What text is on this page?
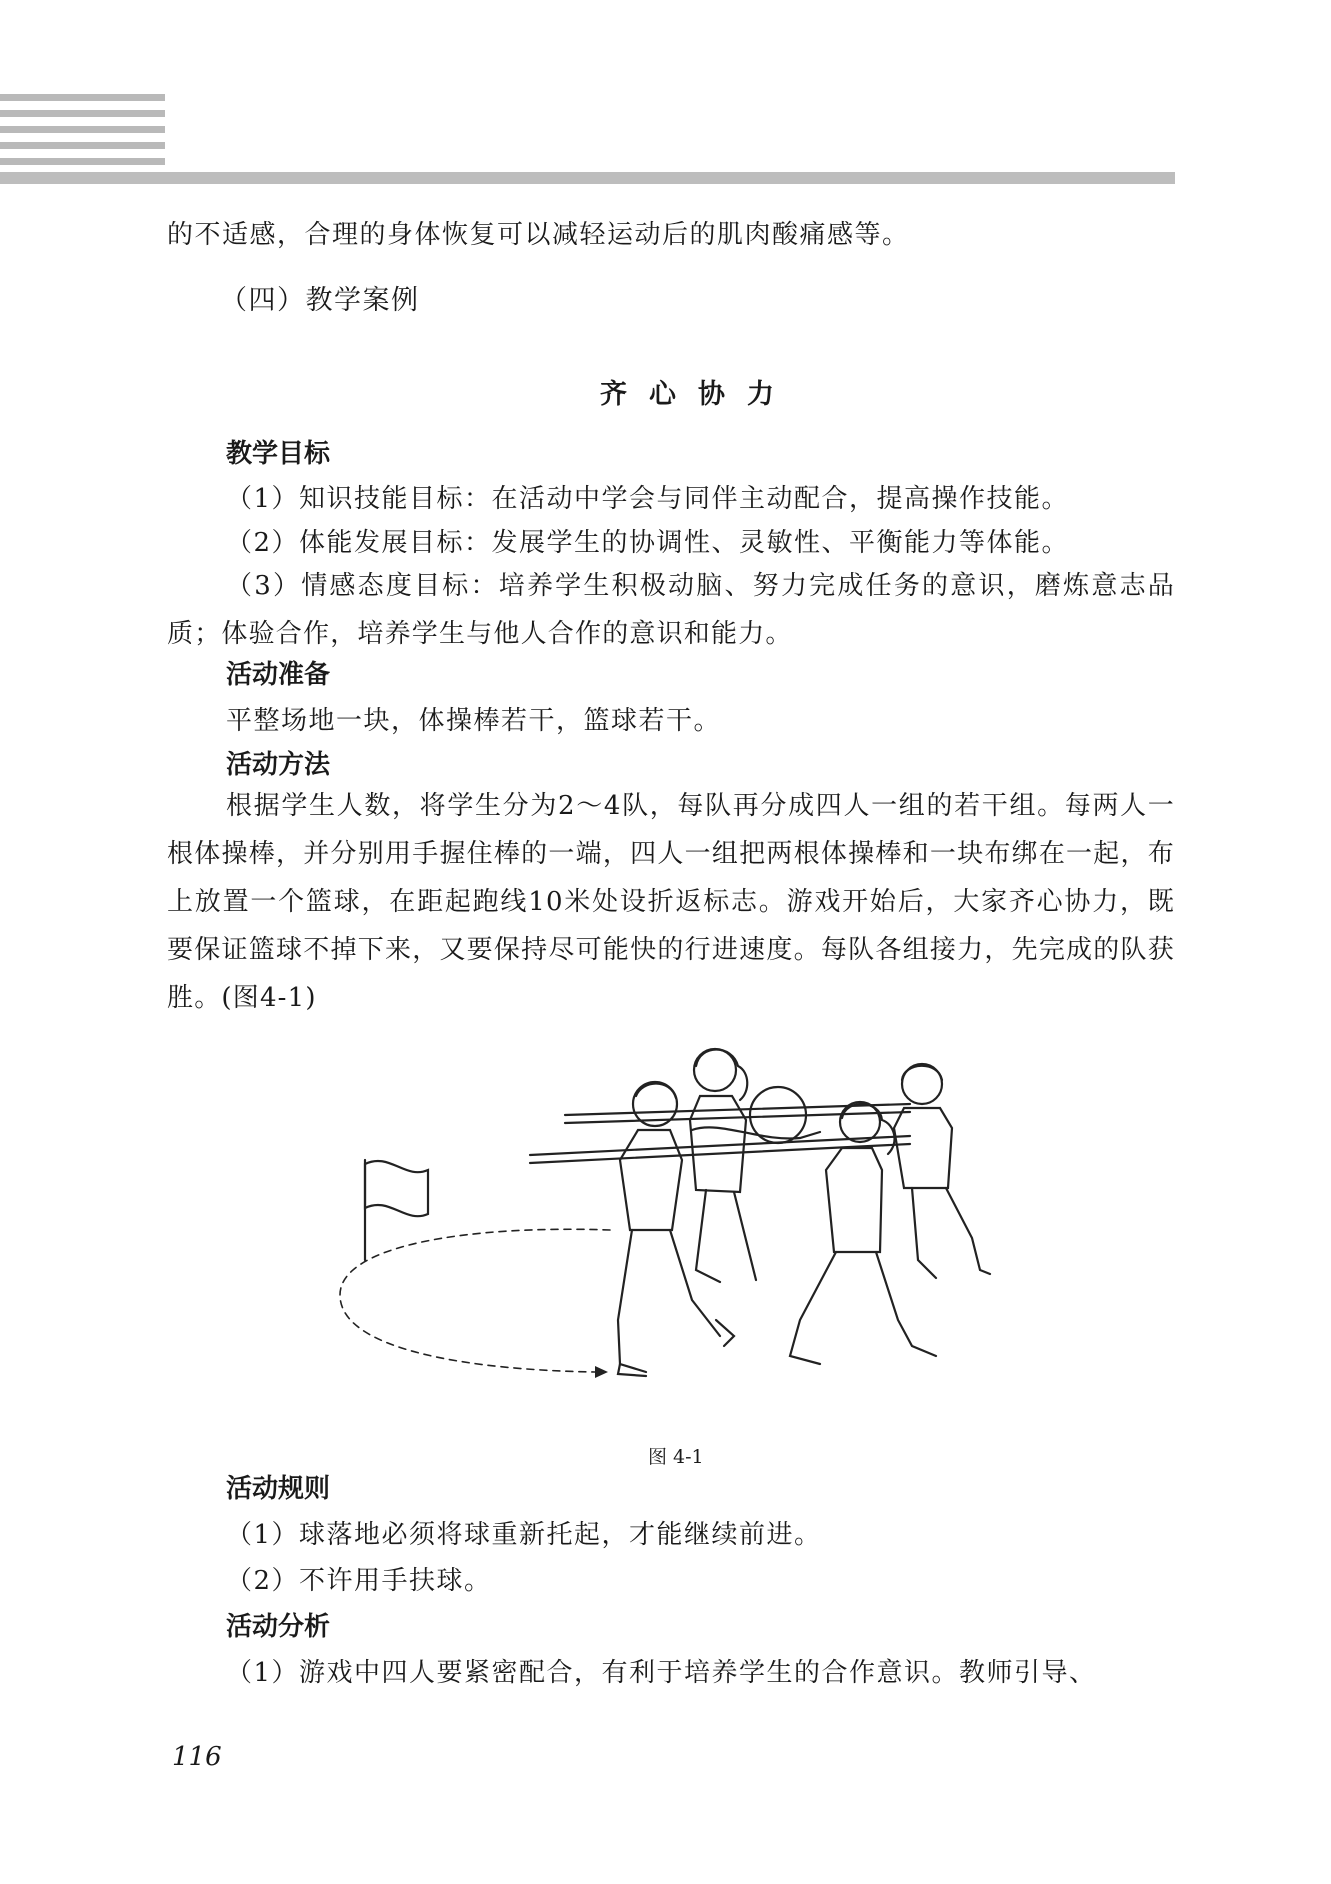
的不适感，合理的身体恢复可以减轻运动后的肌肉酸痛感等。
（四）教学案例
齐心协力
教学目标
（1）知识技能目标：在活动中学会与同伴主动配合，提高操作技能。
（2）体能发展目标：发展学生的协调性、灵敏性、平衡能力等体能。
（3）情感态度目标：培养学生积极动脑、努力完成任务的意识，磨炼意志品质；体验合作，培养学生与他人合作的意识和能力。
活动准备
平整场地一块，体操棒若干，篮球若干。
活动方法
根据学生人数，将学生分为2～4队，每队再分成四人一组的若干组。每两人一根体操棒，并分别用手握住棒的一端，四人一组把两根体操棒和一块布绑在一起，布上放置一个篮球，在距起跑线10米处设折返标志。游戏开始后，大家齐心协力，既要保证篮球不掉下来，又要保持尽可能快的行进速度。每队各组接力，先完成的队获胜。(图4-1)
图 4-1
活动规则
（1）球落地必须将球重新托起，才能继续前进。
（2）不许用手扶球。
活动分析
（1）游戏中四人要紧密配合，有利于培养学生的合作意识。教师引导、
116
